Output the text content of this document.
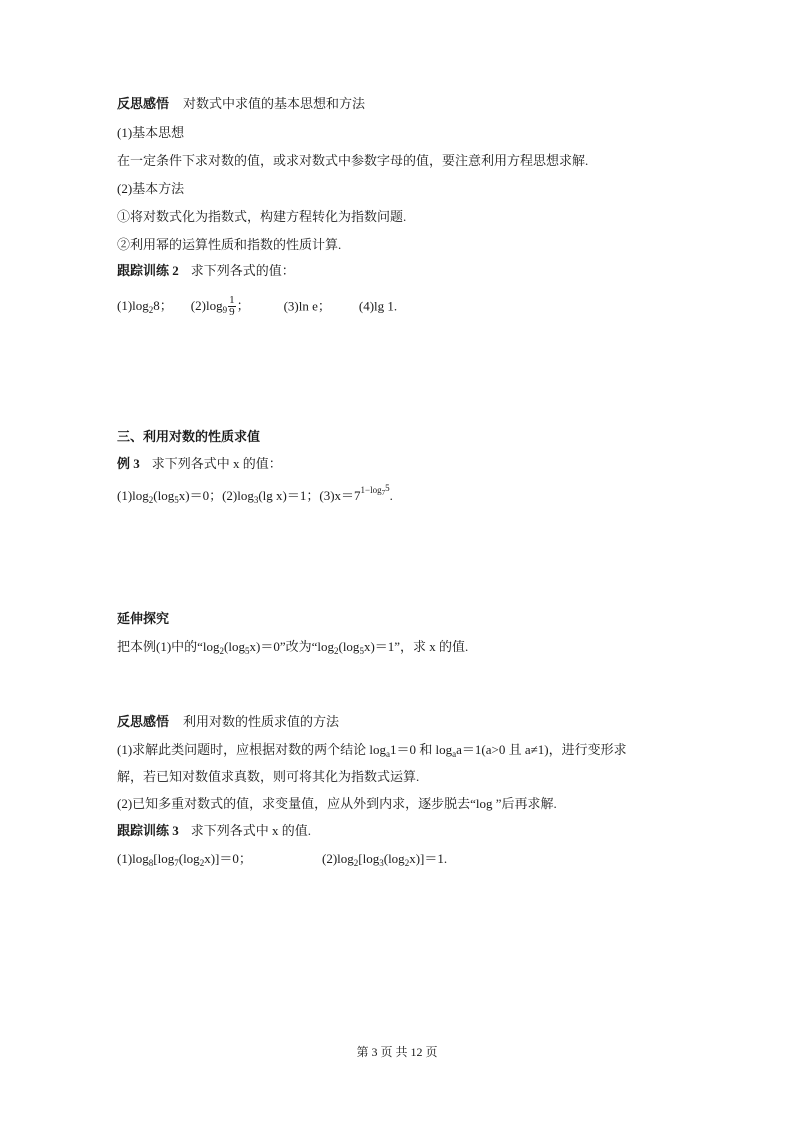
反思感悟 对数式中求值的基本思想和方法
(1)基本思想
在一定条件下求对数的值，或求对数式中参数字母的值，要注意利用方程思想求解.
(2)基本方法
①将对数式化为指数式，构建方程转化为指数问题.
②利用幂的运算性质和指数的性质计算.
跟踪训练 2 求下列各式的值：
$(1)\log_28$； $(2)\log_9 \frac{1}{9}$ ；	(3)ln e； (4)lg 1.
三、利用对数的性质求值
例 3 求下列各式中 x 的值：
$(1)\log_2(\log_5x)=0$；$(2)\log_3(\lg$ x)＝1；$(3)x=7^{1-log_75}$.
延伸探究
把本例(1)中的“$\log_2(\log_5x)=0$”改为“$\log_2(\log_5x)=1$”，求 x 的值.
反思感悟 利用对数的性质求值的方法
(1)求解此类问题时，应根据对数的两个结论 $\log_a1=0$ 和 $\log_aa=1(a>0$ 且 a≠1)，进行变形求
解，若已知对数值求真数，则可将其化为指数式运算.
(2)已知多重对数式的值，求变量值，应从外到内求，逐步脱去“log ”后再求解.
跟踪训练 3 求下列各式中 x 的值.
$(1)\log_8[\log_7(\log_2x)]=0$；	$(2)\log_2[\log_3(\log_2x)]=1$.
第 3 页 共 12 页
